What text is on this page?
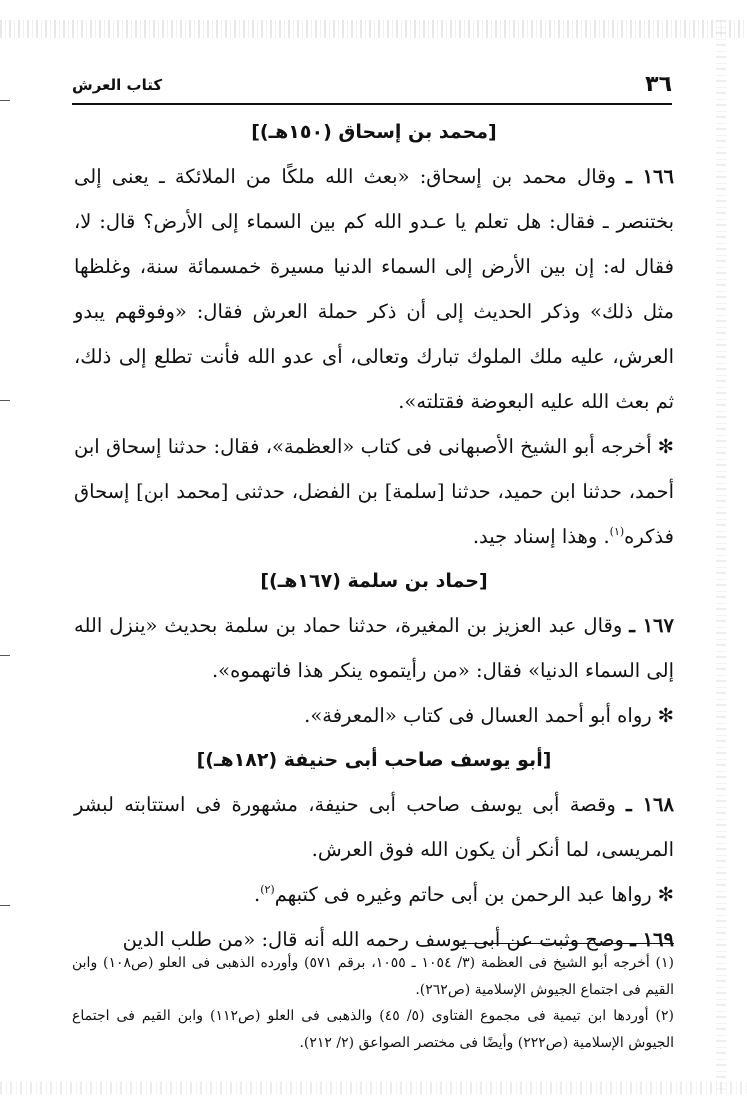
٣٦
كتاب العرش
[محمد بن إسحاق (١٥٠هـ)]

١٦٦ ـ وقال محمد بن إسحاق: «بعث الله ملكًا من الملائكة ـ يعنى إلى بختنصر ـ فقال: هل تعلم يا عـدو الله كم بين السماء إلى الأرض؟ قال: لا، فقال له: إن بين الأرض إلى السماء الدنيا مسيرة خمسمائة سنة، وغلظها مثل ذلك» وذكر الحديث إلى أن ذكر حملة العرش فقال: «وفوقهم يبدو العرش، عليه ملك الملوك تبارك وتعالى، أى عدو الله فأنت تطلع إلى ذلك، ثم بعث الله عليه البعوضة فقتلته».

✻أخرجه أبو الشيخ الأصبهانى فى كتاب «العظمة»، فقال: حدثنا إسحاق ابن أحمد، حدثنا ابن حميد، حدثنا [سلمة] بن الفضل، حدثنى [محمد ابن] إسحاق فذكره$^{(١)}$. وهذا إسناد جيد.

[حماد بن سلمة (١٦٧هـ)]

١٦٧ ـ وقال عبد العزيز بن المغيرة، حدثنا حماد بن سلمة بحديث «ينزل الله إلى السماء الدنيا» فقال: «من رأيتموه ينكر هذا فاتهموه».

✻رواه أبو أحمد العسال فى كتاب «المعرفة».

[أبو يوسف صاحب أبى حنيفة (١٨٢هـ)]

١٦٨ ـ وقصة أبى يوسف صاحب أبى حنيفة، مشهورة فى استتابته لبشر المريسى، لما أنكر أن يكون الله فوق العرش.

✻رواها عبد الرحمن بن أبى حاتم وغيره فى كتبهم$^{(٢)}$.

١٦٩ ـ وصح وثبت عن أبى يوسف رحمه الله أنه قال: «من طلب الدين

(١) أخرجه أبو الشيخ فى العظمة (٣/ ١٠٥٤ ـ ١٠٥٥، برقم ٥٧١) وأورده الذهبى فى العلو (ص١٠٨) وابن القيم فى اجتماع الجيوش الإسلامية (ص٢٦٢).

(٢) أوردها ابن تيمية فى مجموع الفتاوى (٥/ ٤٥) والذهبى فى العلو (ص١١٢) وابن القيم فى اجتماع الجيوش الإسلامية (ص٢٢٢) وأيضًا فى مختصر الصواعق (٢/ ٢١٢).
